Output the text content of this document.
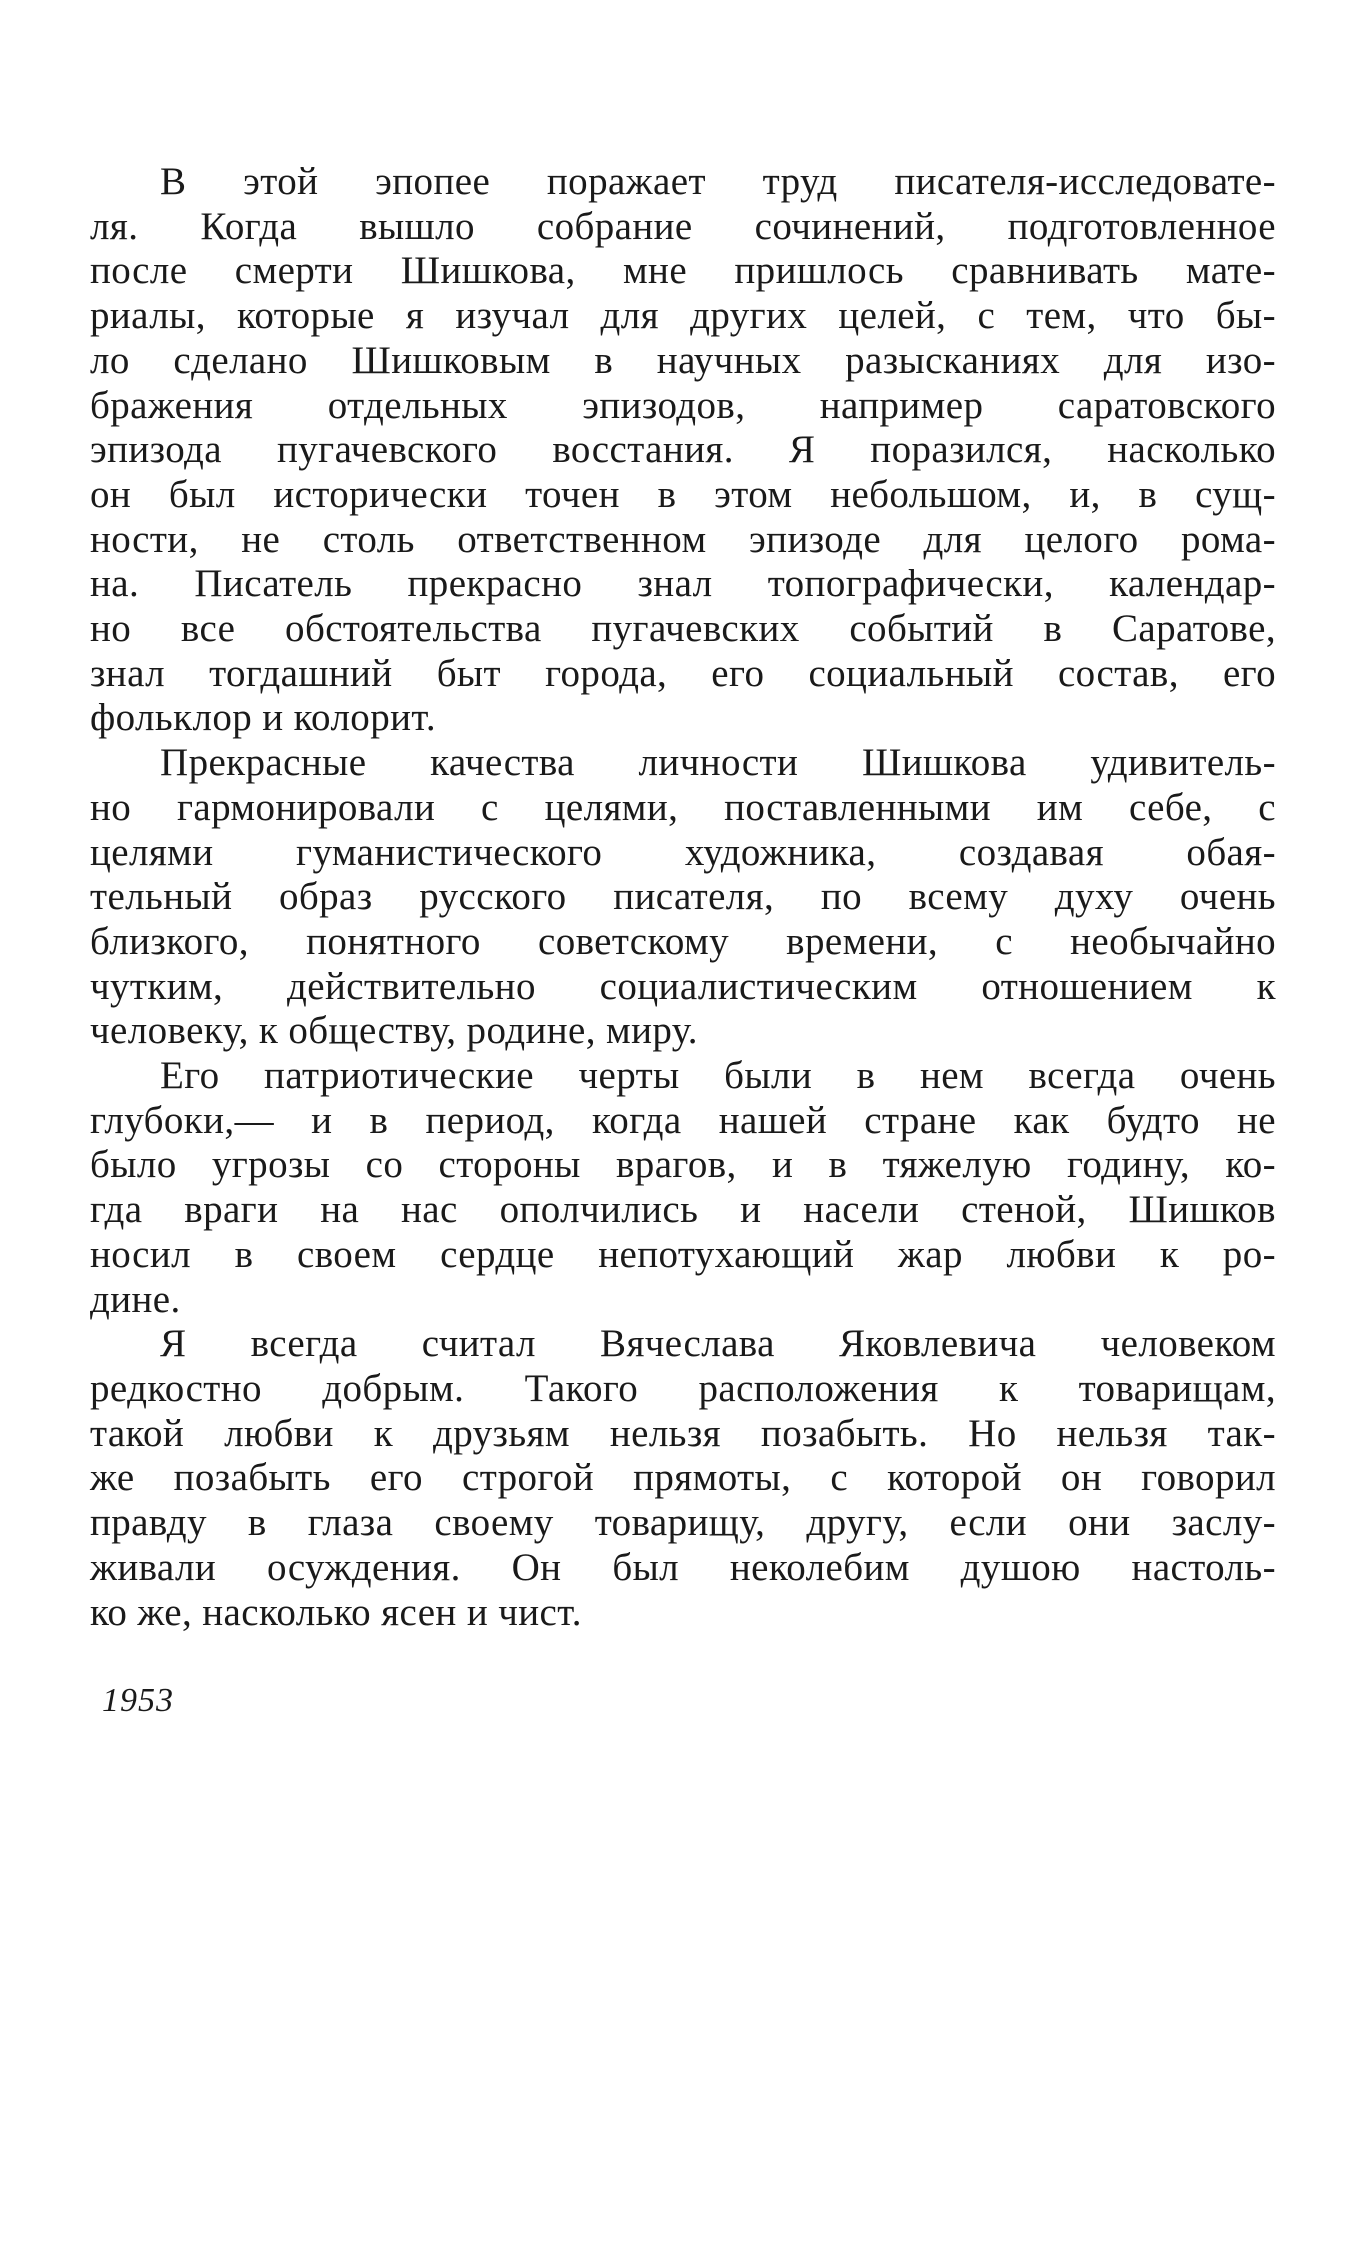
В этой эпопее поражает труд писателя-исследовате-
ля. Когда вышло собрание сочинений, подготовленное
после смерти Шишкова, мне пришлось сравнивать мате-
риалы, которые я изучал для других целей, с тем, что бы-
ло сделано Шишковым в научных разысканиях для изо-
бражения отдельных эпизодов, например саратовского
эпизода пугачевского восстания. Я поразился, насколько
он был исторически точен в этом небольшом, и, в сущ-
ности, не столь ответственном эпизоде для целого рома-
на. Писатель прекрасно знал топографически, календар-
но все обстоятельства пугачевских событий в Саратове,
знал тогдашний быт города, его социальный состав, его
фольклор и колорит.

Прекрасные качества личности Шишкова удивитель-
но гармонировали с целями, поставленными им себе, с
целями гуманистического художника, создавая обая-
тельный образ русского писателя, по всему духу очень
близкого, понятного советскому времени, с необычайно
чутким, действительно социалистическим отношением к
человеку, к обществу, родине, миру.

Его патриотические черты были в нем всегда очень
глубоки,— и в период, когда нашей стране как будто не
было угрозы со стороны врагов, и в тяжелую годину, ко-
гда враги на нас ополчились и насели стеной, Шишков
носил в своем сердце непотухающий жар любви к ро-
дине.

Я всегда считал Вячеслава Яковлевича человеком
редкостно добрым. Такого расположения к товарищам,
такой любви к друзьям нельзя позабыть. Но нельзя так-
же позабыть его строгой прямоты, с которой он говорил
правду в глаза своему товарищу, другу, если они заслу-
живали осуждения. Он был неколебим душою настоль-
ко же, насколько ясен и чист.

1953
